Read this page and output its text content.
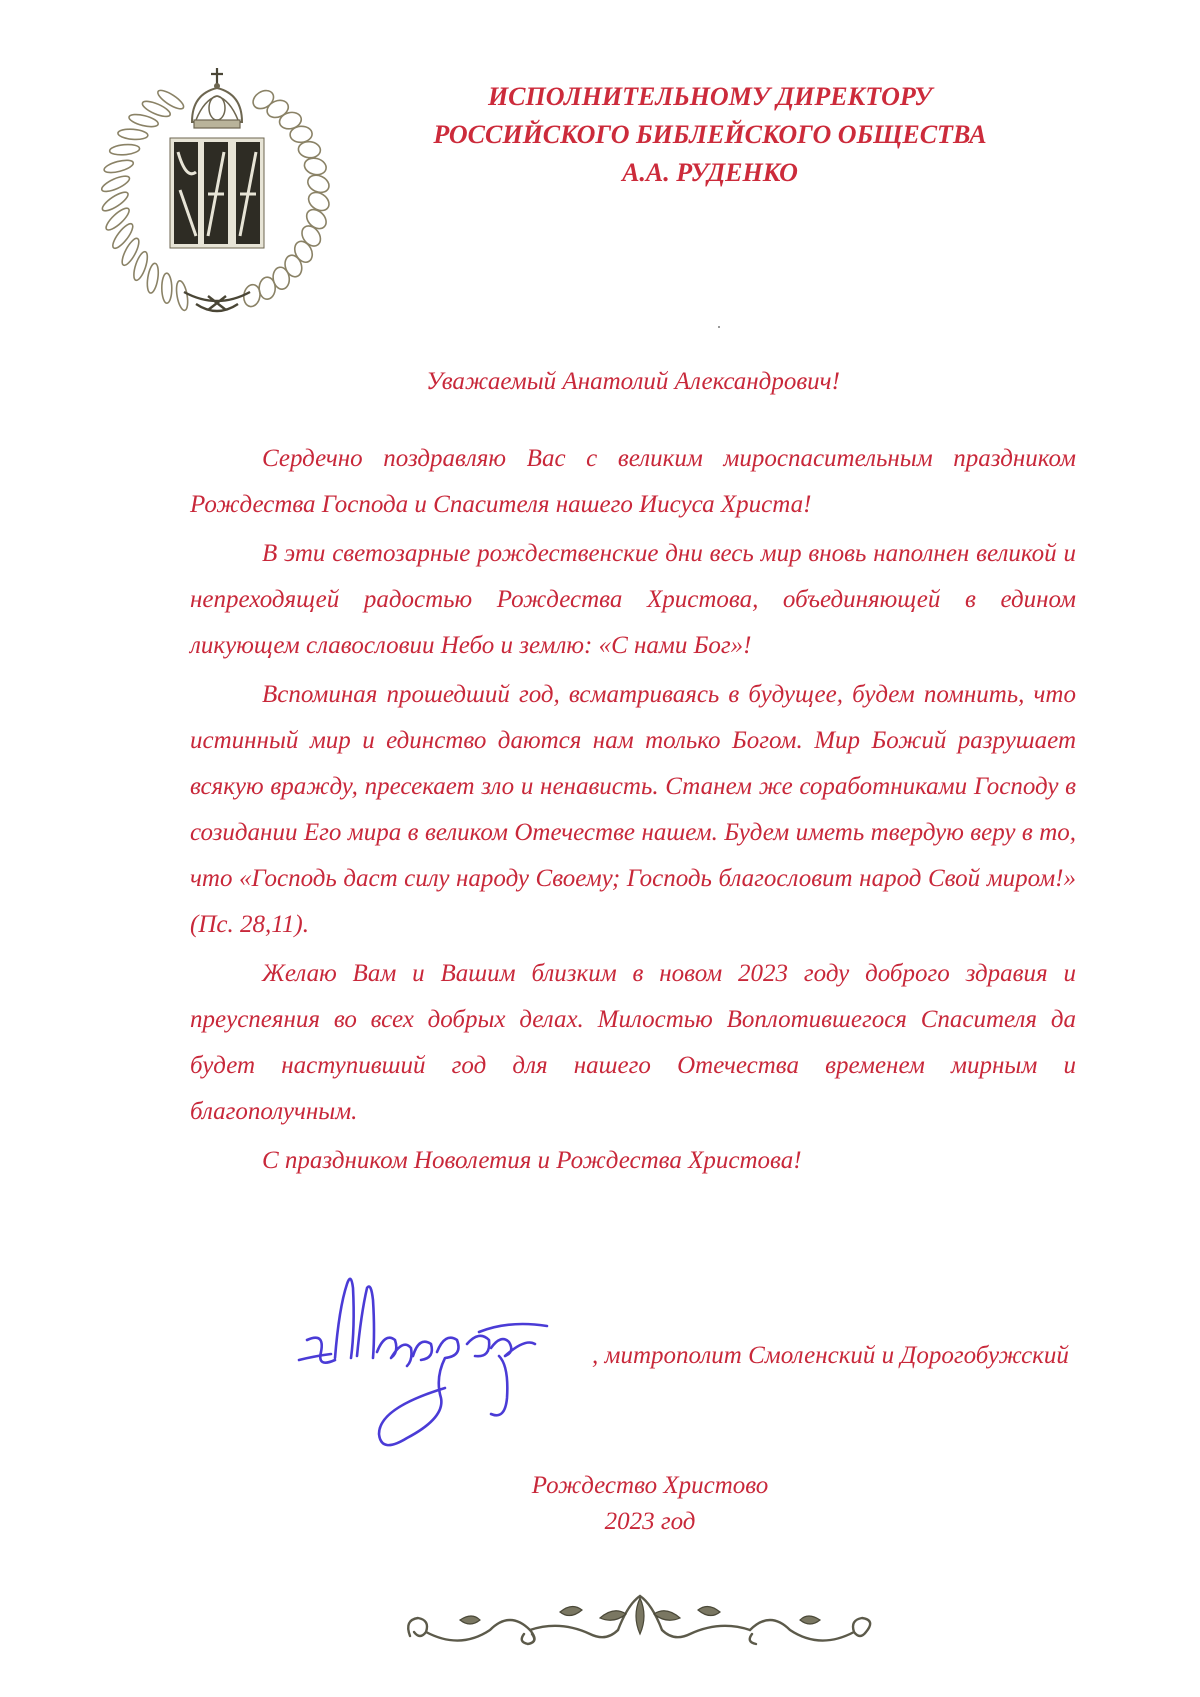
ИСПОЛНИТЕЛЬНОМУ ДИРЕКТОРУ
РОССИЙСКОГО БИБЛЕЙСКОГО ОБЩЕСТВА
А.А. РУДЕНКО
Уважаемый Анатолий Александрович!

Сердечно поздравляю Вас с великим мироспасительным праздником Рождества Господа и Спасителя нашего Иисуса Христа!

В эти светозарные рождественские дни весь мир вновь наполнен великой и непреходящей радостью Рождества Христова, объединяющей в едином ликующем славословии Небо и землю: «С нами Бог»!

Вспоминая прошедший год, всматриваясь в будущее, будем помнить, что истинный мир и единство даются нам только Богом. Мир Божий разрушает всякую вражду, пресекает зло и ненависть. Станем же соработниками Господу в созидании Его мира в великом Отечестве нашем. Будем иметь твердую веру в то, что «Господь даст силу народу Своему; Господь благословит народ Свой миром!» (Пс. 28,11).

Желаю Вам и Вашим близким в новом 2023 году доброго здравия и преуспеяния во всех добрых делах. Милостью Воплотившегося Спасителя да будет наступивший год для нашего Отечества временем мирным и благополучным.

С праздником Новолетия и Рождества Христова!

, митрополит Смоленский и Дорогобужский
Рождество Христово
2023 год
